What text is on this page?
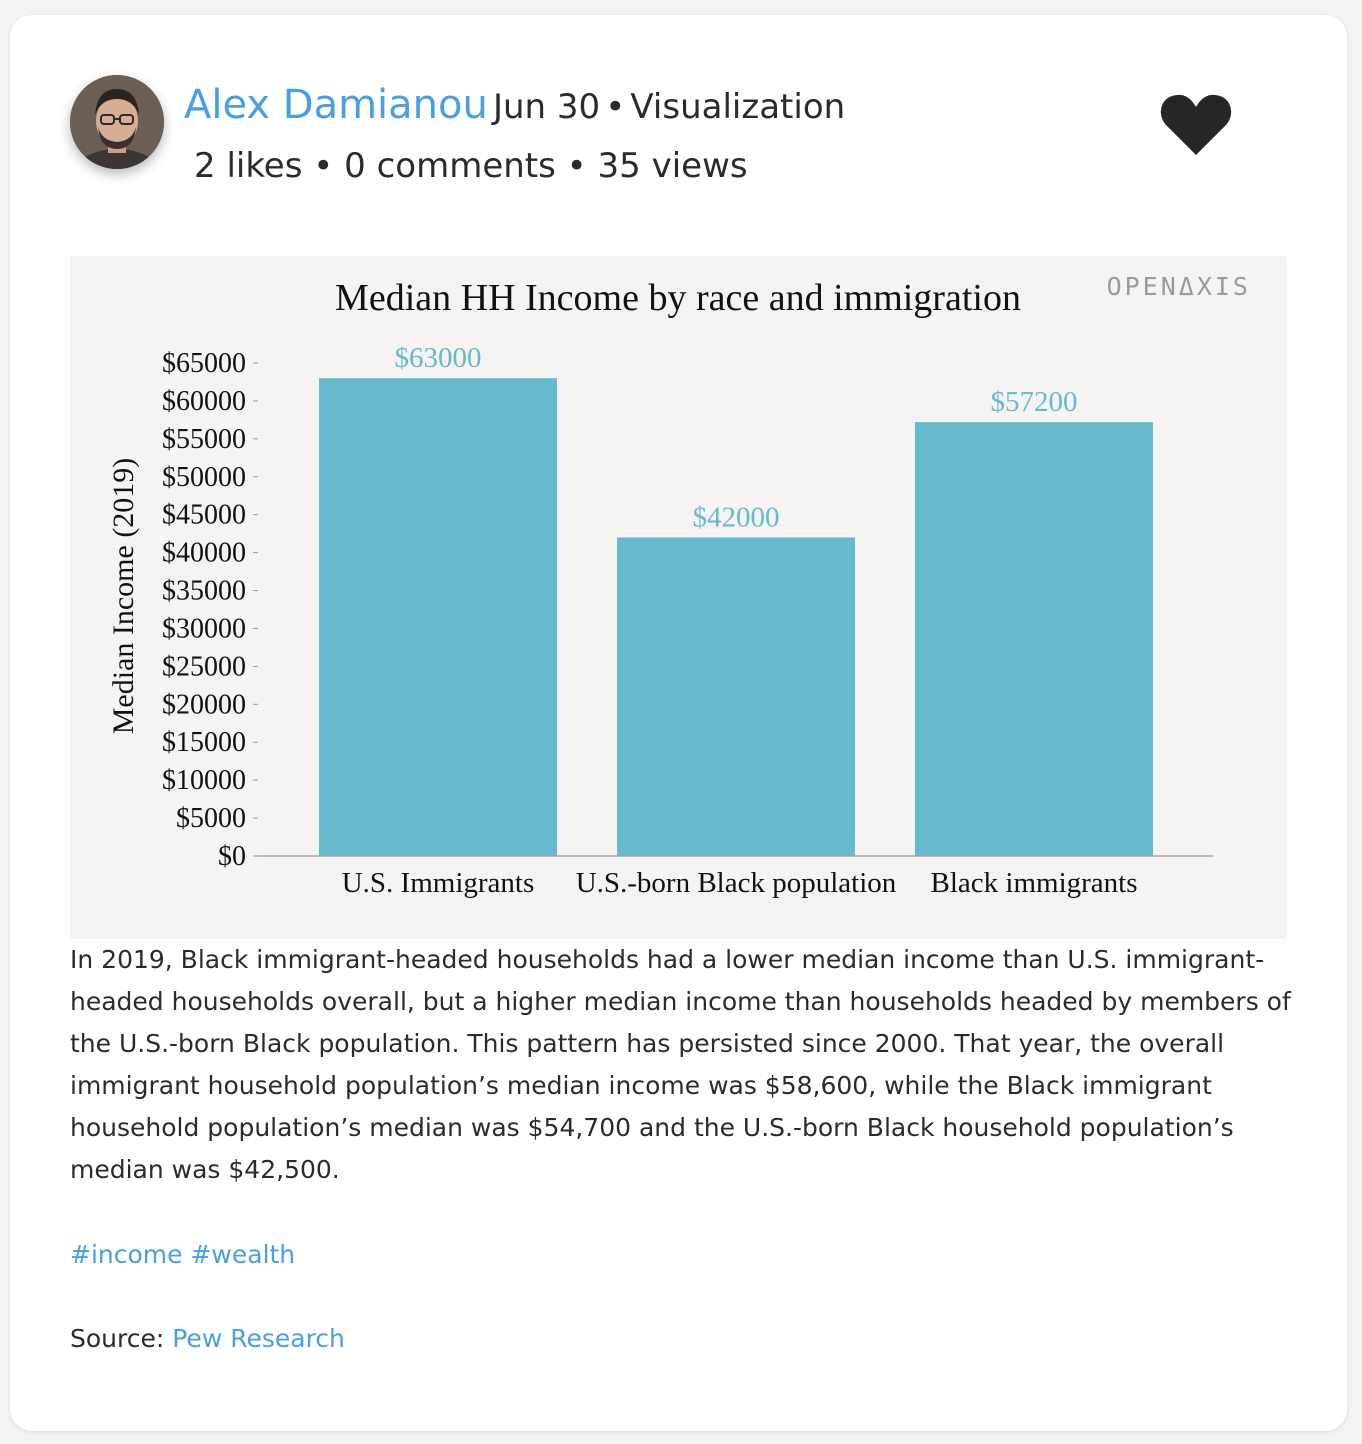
Alex Damianou Jun 30 • Visualization
2 likes • 0 comments • 35 views
Median HH Income by race and immigration
Median Income (2019)
$0
$5000
$10000
$15000
$20000
$25000
$30000
$35000
$40000
$45000
$50000
$55000
$60000
$65000	$63000
U.S. Immigrants
$42000
U.S.-born Black population
$57200
Black immigrants
OPENΔXIS
In 2019, Black immigrant-headed households had a lower median income than U.S. immigrant-headed households overall, but a higher median income than households headed by members of the U.S.-born Black population. This pattern has persisted since 2000. That year, the overall immigrant household population’s median income was $58,600, while the Black immigrant household population’s median was $54,700 and the U.S.-born Black household population’s median was $42,500.
#income #wealth
Source: Pew Research
